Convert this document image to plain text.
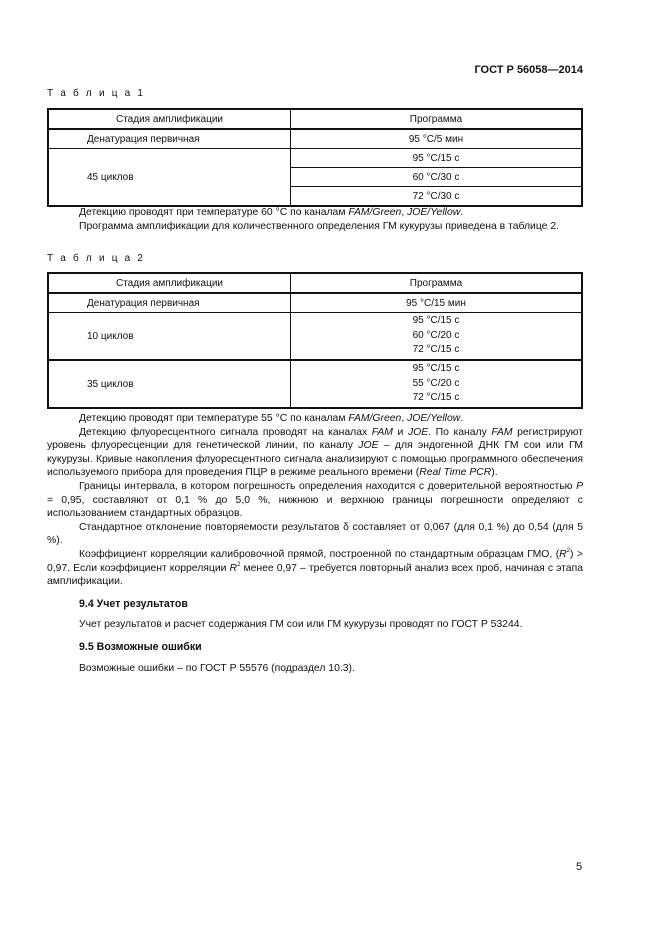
ГОСТ Р 56058—2014
Т а б л и ц а 1
Стадия амплификации	Программа
Денатурация первичная	95 °С/5 мин
45 циклов	95 °С/15 с
	60 °С/30 с
	72 °С/30 с

Детекцию проводят при температуре 60 °С по каналам FAM/Green, JOE/Yellow.

Программа амплификации для количественного определения ГМ кукурузы приведена в таблице 2.

Т а б л и ц а 2
Стадия амплификации	Программа
Денатурация первичная	95 °С/15 мин
10 циклов	95 °С/15 с
60 °С/20 с
72 °С/15 с

35 циклов	95 °С/15 с
55 °С/20 с
72 °С/15 с

Детекцию проводят при температуре 55 °С по каналам FAM/Green, JOE/Yellow.

Детекцию флуоресцентного сигнала проводят на каналах FAM и JOE. По каналу FAM регистрируют уровень флуоресценции для генетической линии, по каналу JOE – для эндогенной ДНК ГМ сои или ГМ кукурузы. Кривые накопления флуоресцентного сигнала анализируют с помощью программного обеспечения используемого прибора для проведения ПЦР в режиме реального времени (Real Time PCR).

Границы интервала, в котором погрешность определения находится с доверительной вероятностью P = 0,95, составляют от 0,1 % до 5,0 %, нижнюю и верхнюю границы погрешности определяют с использованием стандартных образцов.

Стандартное отклонение повторяемости результатов δ составляет от 0,067 (для 0,1 %) до 0,54 (для 5 %).

Коэффициент корреляции калибровочной прямой, построенной по стандартным образцам ГМО, $(R^2) > 0,97$. Если коэффициент корреляции $R^2$ менее 0,97 – требуется повторный анализ всех проб, начиная с этапа амплификации.

9.4 Учет результатов

Учет результатов и расчет содержания ГМ сои или ГМ кукурузы проводят по ГОСТ Р 53244.

9.5 Возможные ошибки

Возможные ошибки – по ГОСТ Р 55576 (подраздел 10.3).

5
